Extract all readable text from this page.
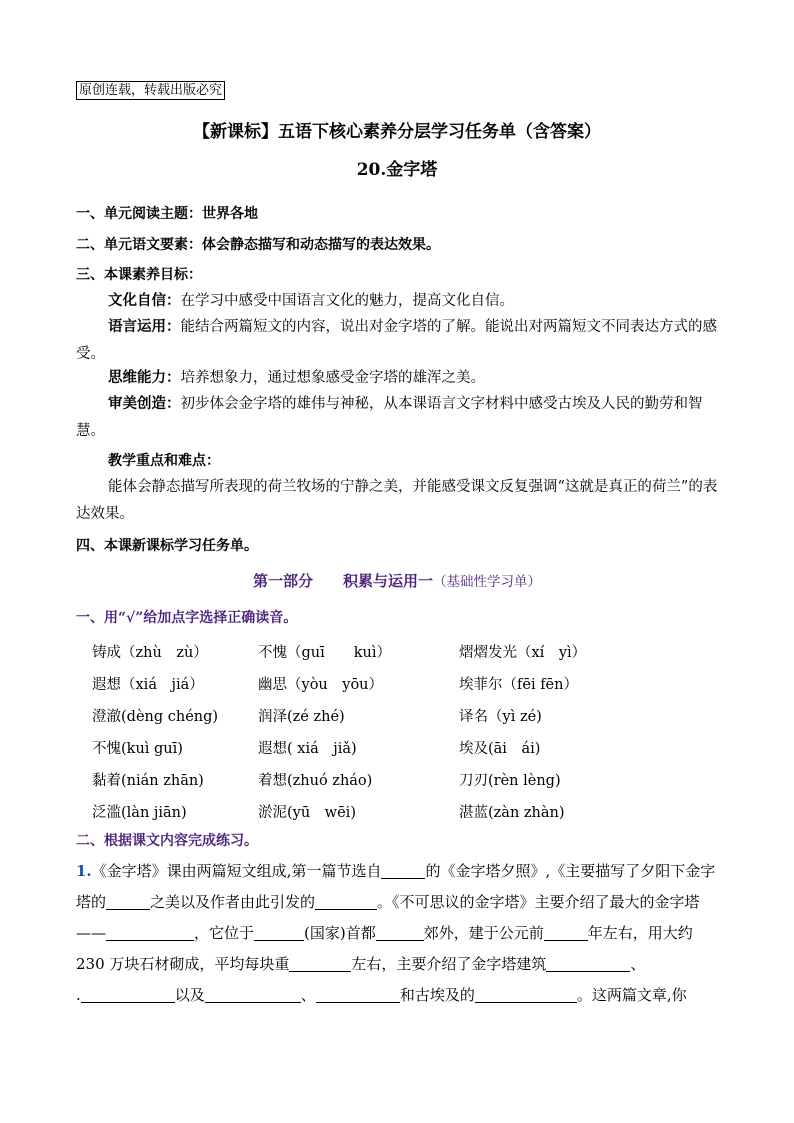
原创连载，转载出版必究
【新课标】五语下核心素养分层学习任务单（含答案）
20.金字塔
一、单元阅读主题：世界各地
二、单元语文要素：体会静态描写和动态描写的表达效果。
三、本课素养目标：
文化自信：在学习中感受中国语言文化的魅力，提高文化自信。
语言运用：能结合两篇短文的内容，说出对金字塔的了解。能说出对两篇短文不同表达方式的感受。
思维能力：培养想象力，通过想象感受金字塔的雄浑之美。
审美创造：初步体会金字塔的雄伟与神秘，从本课语言文字材料中感受古埃及人民的勤劳和智慧。
教学重点和难点：
能体会静态描写所表现的荷兰牧场的宁静之美，并能感受课文反复强调“这就是真正的荷兰”的表达效果。
四、本课新课标学习任务单。
第一部分　　积累与运用一（基础性学习单）
一、用“√”给加点字选择正确读音。
铸成（zhù　zù）	不愧（guī　　kuì）	熠熠发光（xí　yì）
遐想（xiá　jiá）	幽思（yòu　yōu）	埃菲尔（fēi fēn）
澄澈(dèng chéng)	润泽(zé zhé)	译名（yì zé)
不愧(kuì guī)	遐想( xiá　jiǎ)	埃及(āi　ái)
黏着(nián zhān)	着想(zhuó zháo)	刀刃(rèn lèng)
泛滥(làn jiān)	淤泥(yū　wēi)	湛蓝(zàn zhàn)
二、根据课文内容完成练习。
1.《金字塔》课由两篇短文组成,第一篇节选自	的《金字塔夕照》,《主要描写了夕阳下金字塔的	之美以及作者由此引发的	。《不可思议的金字塔》主要介绍了最大的金字塔——	，它位于	(国家)首都	郊外，建于公元前	年左右，用大约 230 万块石材砌成，平均每块重	左右，主要介绍了金字塔建筑	、
.	以及	、	和古埃及的	。这两篇文章,你
